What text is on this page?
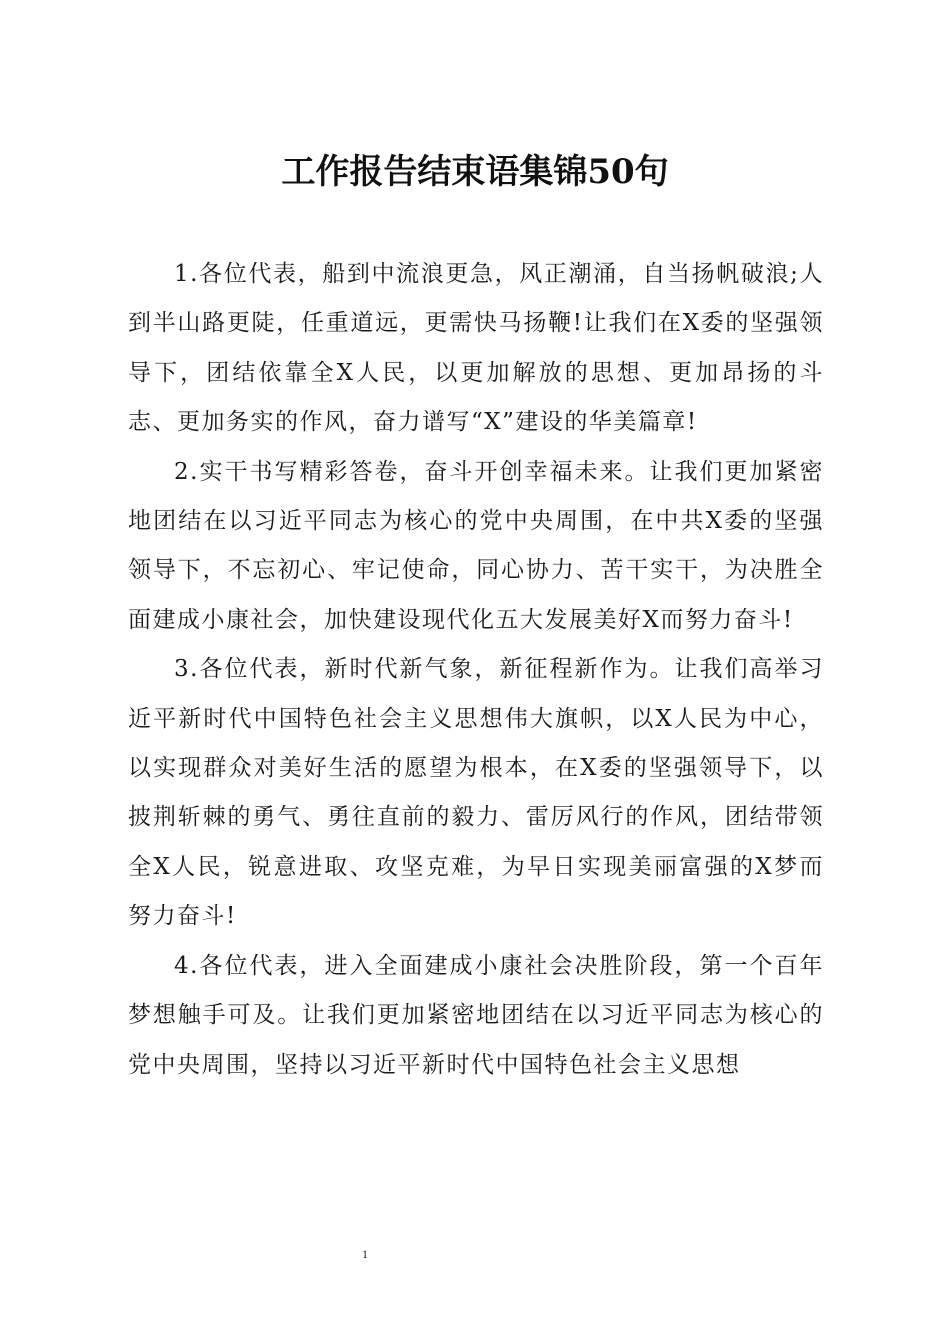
工作报告结束语集锦50句

1.各位代表，船到中流浪更急，风正潮涌，自当扬帆破浪;人到半山路更陡，任重道远，更需快马扬鞭!让我们在X委的坚强领导下，团结依靠全X人民，以更加解放的思想、更加昂扬的斗志、更加务实的作风，奋力谱写“X”建设的华美篇章!

2.实干书写精彩答卷，奋斗开创幸福未来。让我们更加紧密地团结在以习近平同志为核心的党中央周围，在中共X委的坚强领导下，不忘初心、牢记使命，同心协力、苦干实干，为决胜全面建成小康社会，加快建设现代化五大发展美好X而努力奋斗!

3.各位代表，新时代新气象，新征程新作为。让我们高举习近平新时代中国特色社会主义思想伟大旗帜，以X人民为中心，以实现群众对美好生活的愿望为根本，在X委的坚强领导下，以披荆斩棘的勇气、勇往直前的毅力、雷厉风行的作风，团结带领全X人民，锐意进取、攻坚克难，为早日实现美丽富强的X梦而努力奋斗!

4.各位代表，进入全面建成小康社会决胜阶段，第一个百年梦想触手可及。让我们更加紧密地团结在以习近平同志为核心的党中央周围，坚持以习近平新时代中国特色社会主义思想

1
